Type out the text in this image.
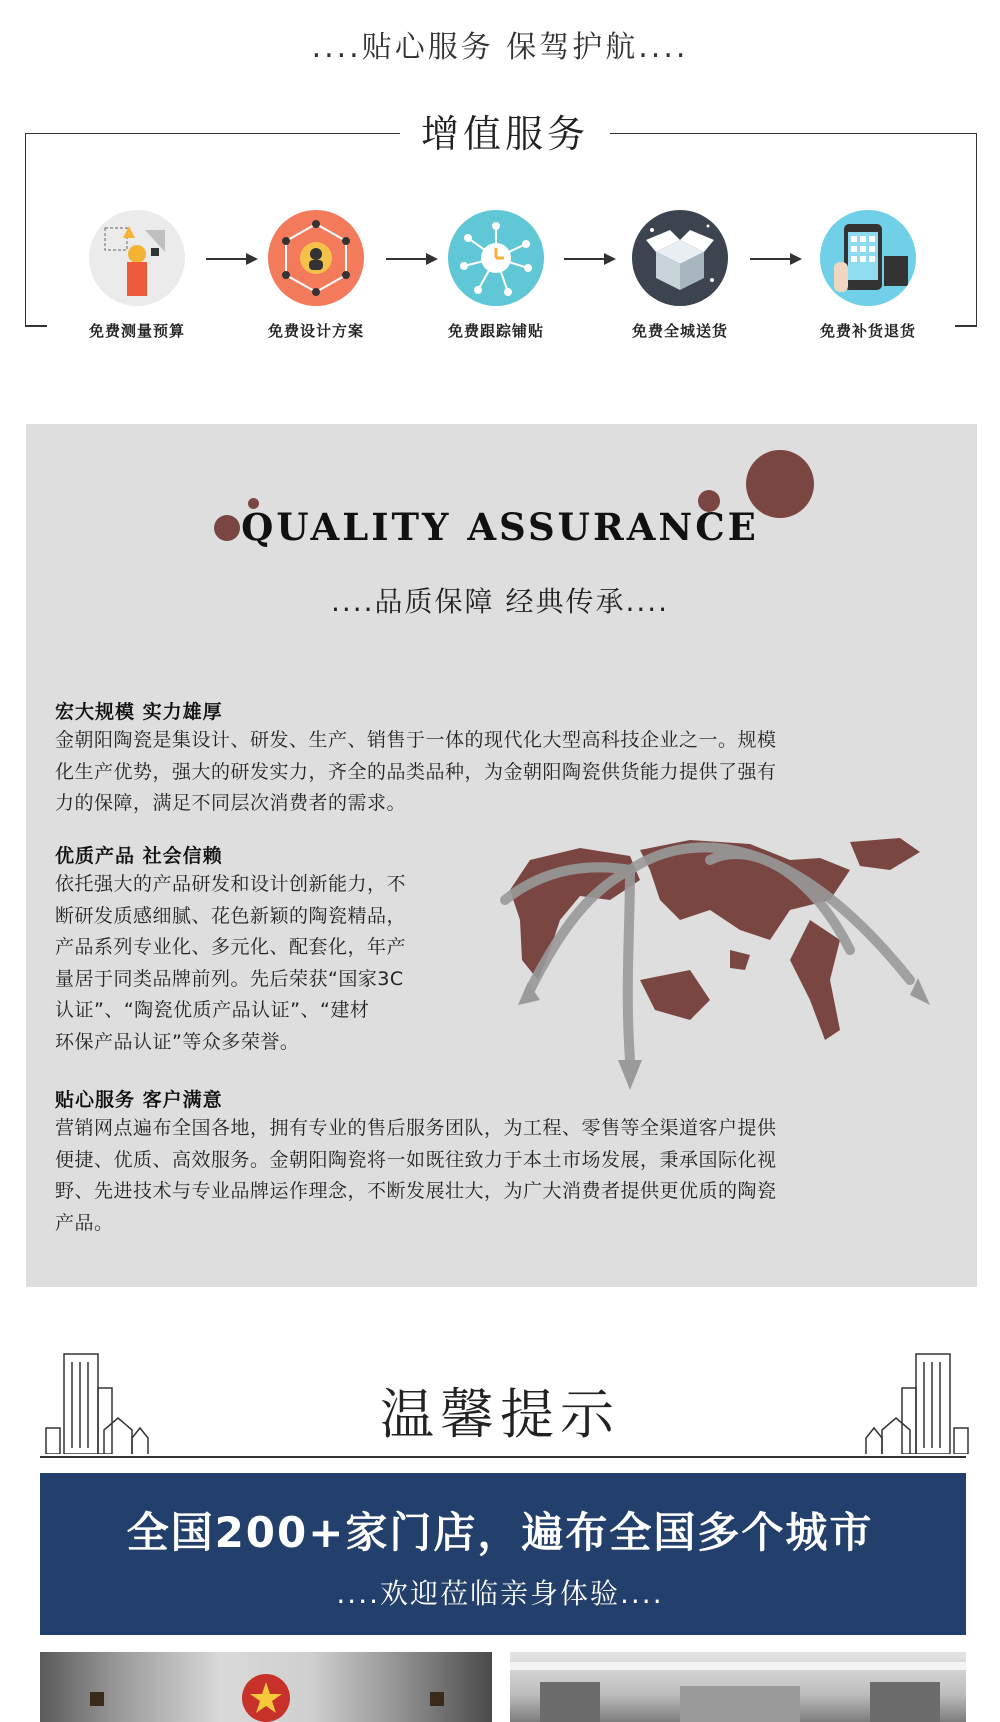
....贴心服务 保驾护航....
增值服务
免费测量预算	免费设计方案	免费跟踪铺贴	免费全城送货	免费补货退货
QUALITY ASSURANCE
....品质保障 经典传承....
宏大规模 实力雄厚
金朝阳陶瓷是集设计、研发、生产、销售于一体的现代化大型高科技企业之一。规模
化生产优势，强大的研发实力，齐全的品类品种，为金朝阳陶瓷供货能力提供了强有
力的保障，满足不同层次消费者的需求。
优质产品 社会信赖
依托强大的产品研发和设计创新能力，不
断研发质感细腻、花色新颖的陶瓷精品，
产品系列专业化、多元化、配套化，年产
量居于同类品牌前列。先后荣获“国家3C
认证”、“陶瓷优质产品认证”、“建材
环保产品认证”等众多荣誉。
贴心服务 客户满意
营销网点遍布全国各地，拥有专业的售后服务团队，为工程、零售等全渠道客户提供
便捷、优质、高效服务。金朝阳陶瓷将一如既往致力于本土市场发展，秉承国际化视
野、先进技术与专业品牌运作理念，不断发展壮大，为广大消费者提供更优质的陶瓷
产品。
温馨提示
全国200+家门店，遍布全国多个城市
....欢迎莅临亲身体验....
